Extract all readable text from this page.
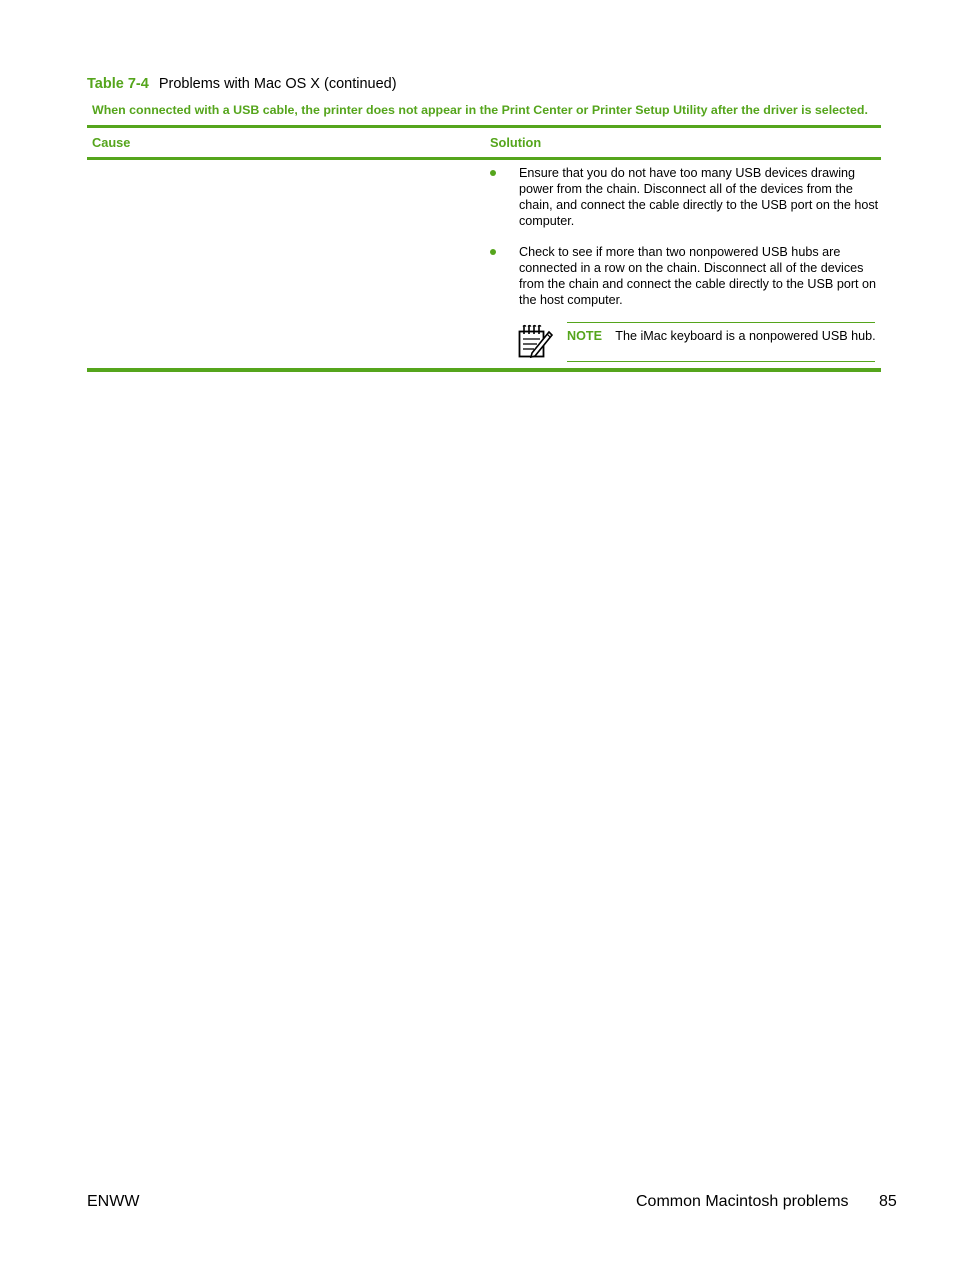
Table 7-4 Problems with Mac OS X (continued)
When connected with a USB cable, the printer does not appear in the Print Center or Printer Setup Utility after the driver is selected.
Cause	Solution
Ensure that you do not have too many USB devices drawing power from the chain. Disconnect all of the devices from the chain, and connect the cable directly to the USB port on the host computer.
Check to see if more than two nonpowered USB hubs are connected in a row on the chain. Disconnect all of the devices from the chain and connect the cable directly to the USB port on the host computer.
NOTE The iMac keyboard is a nonpowered USB hub.
ENWW	Common Macintosh problems 85
